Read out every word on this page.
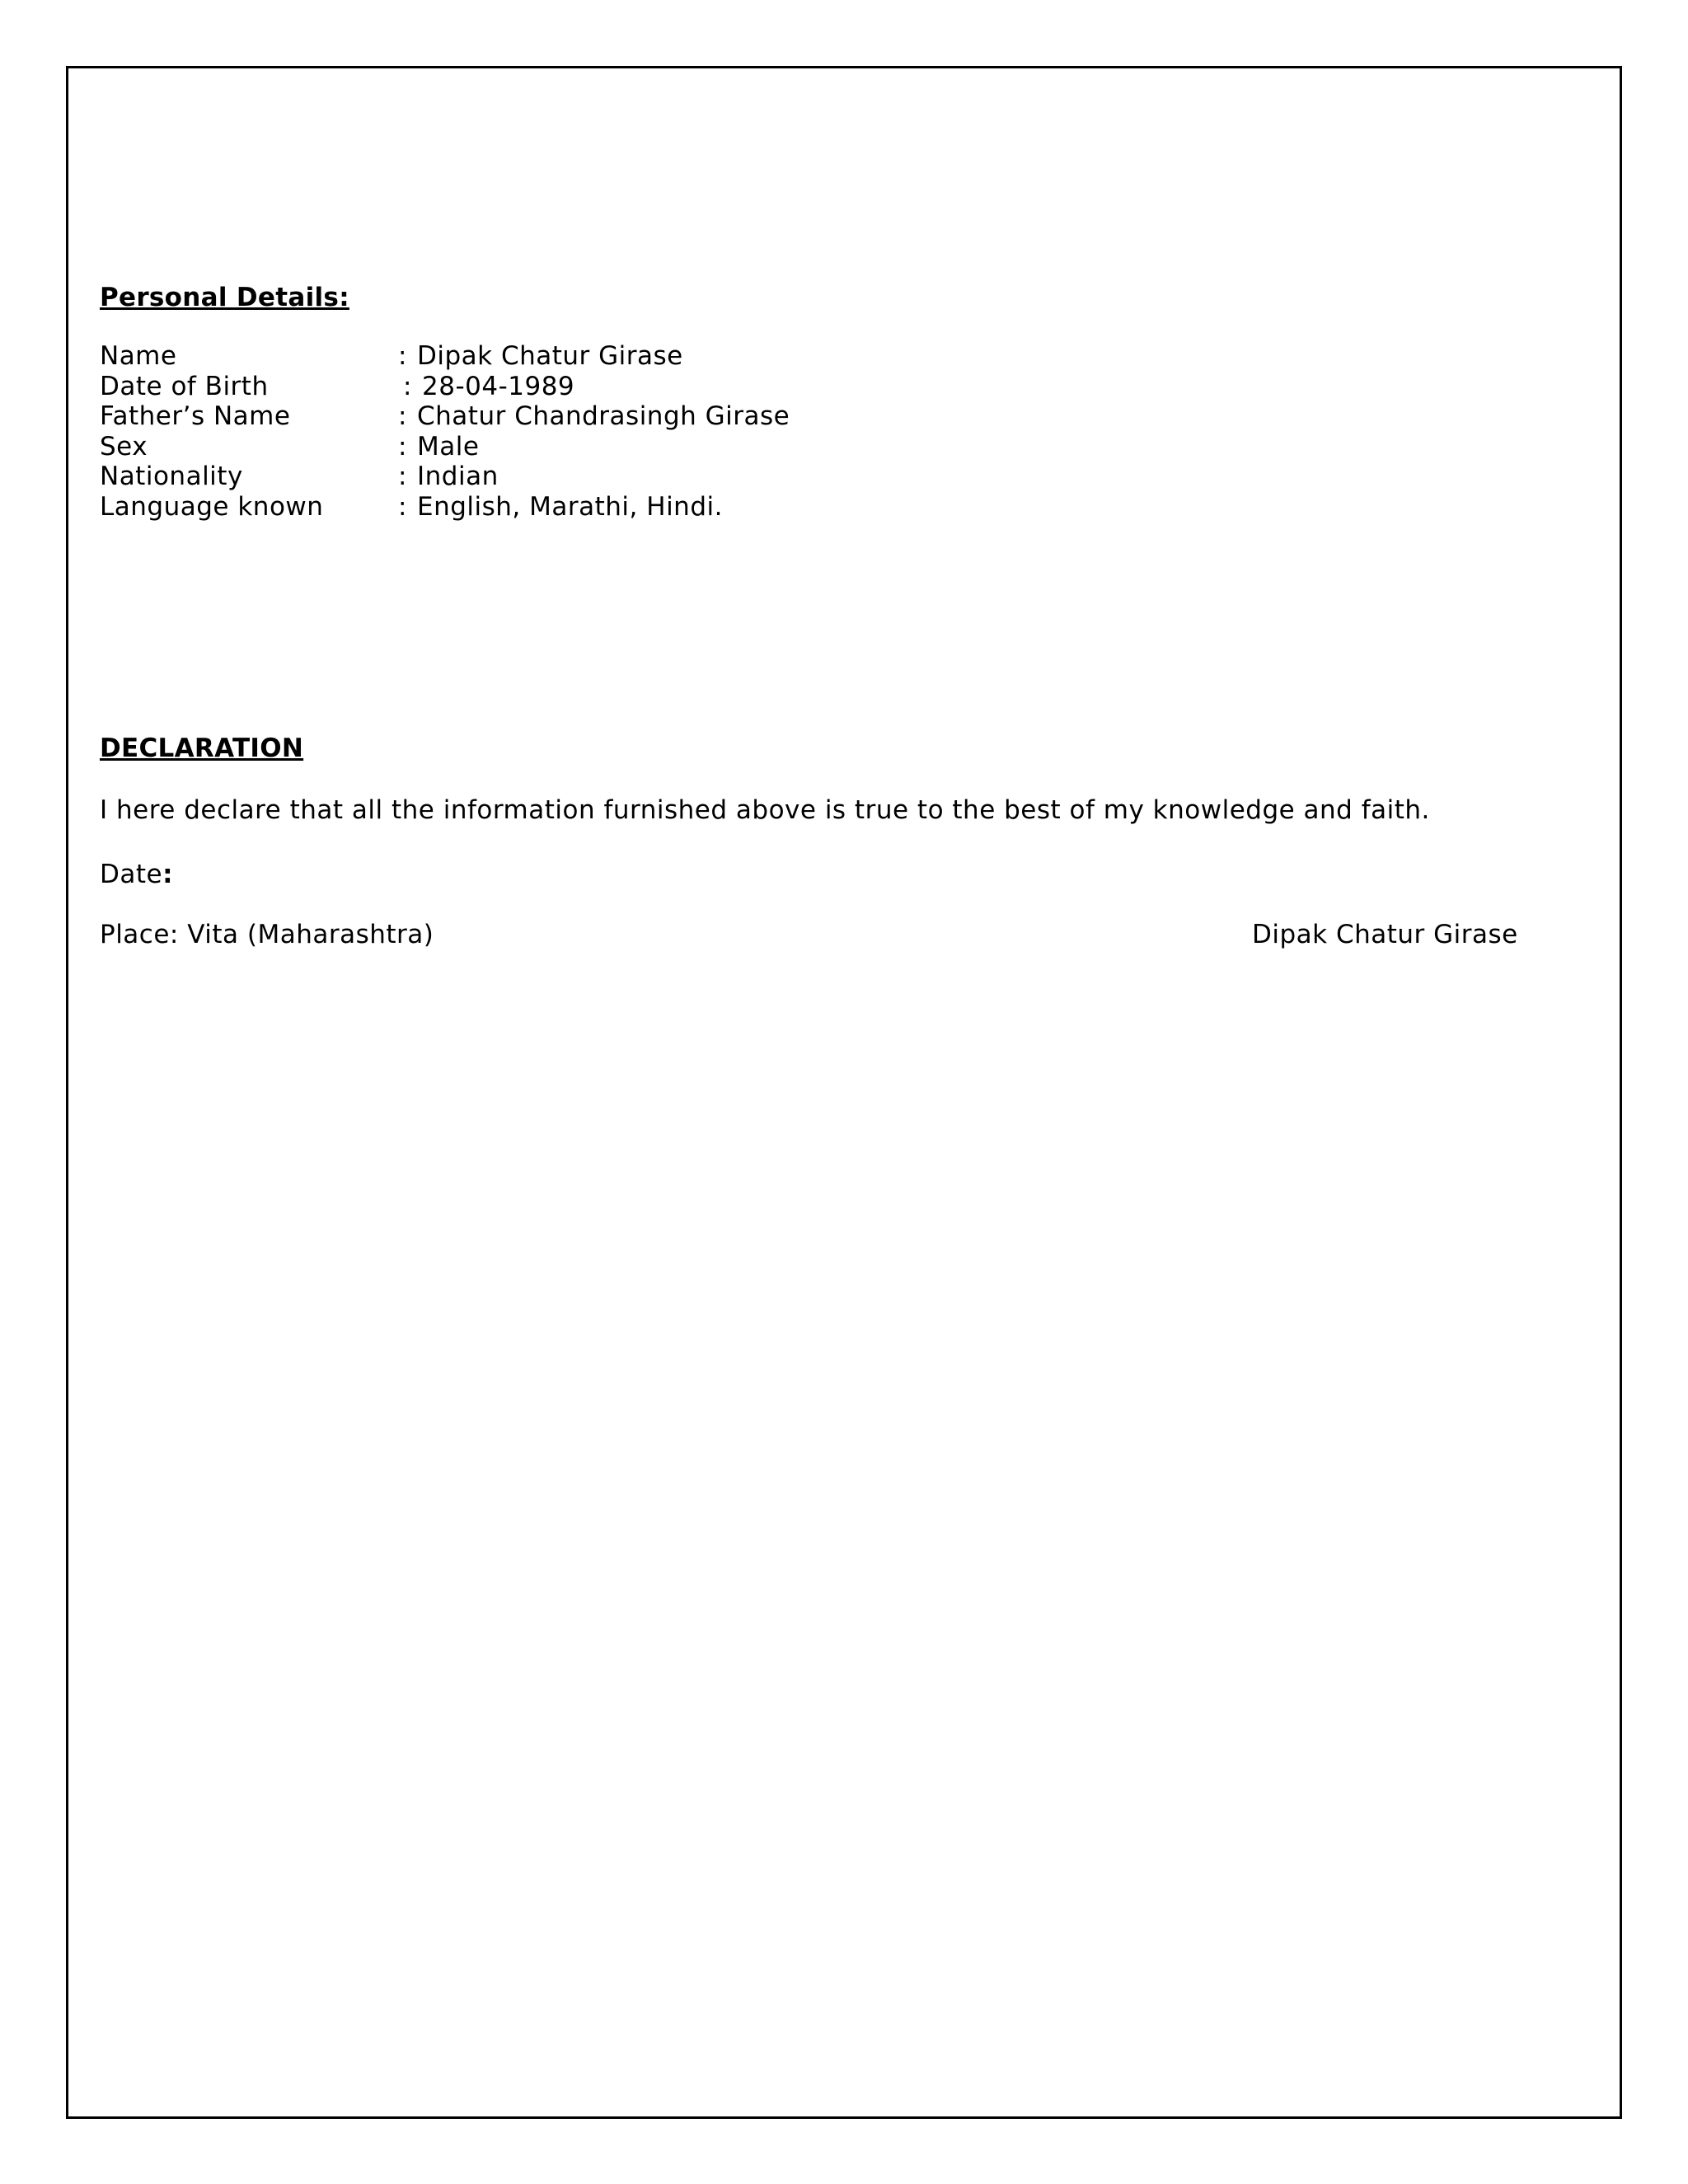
Personal Details:
Name	: Dipak Chatur Girase
Date of Birth	: 28-04-1989
Father’s Name	: Chatur Chandrasingh Girase
Sex	: Male
Nationality	: Indian
Language known	: English, Marathi, Hindi.
DECLARATION
I here declare that all the information furnished above is true to the best of my knowledge and faith.
Date:
Place: Vita (Maharashtra)	Dipak Chatur Girase
